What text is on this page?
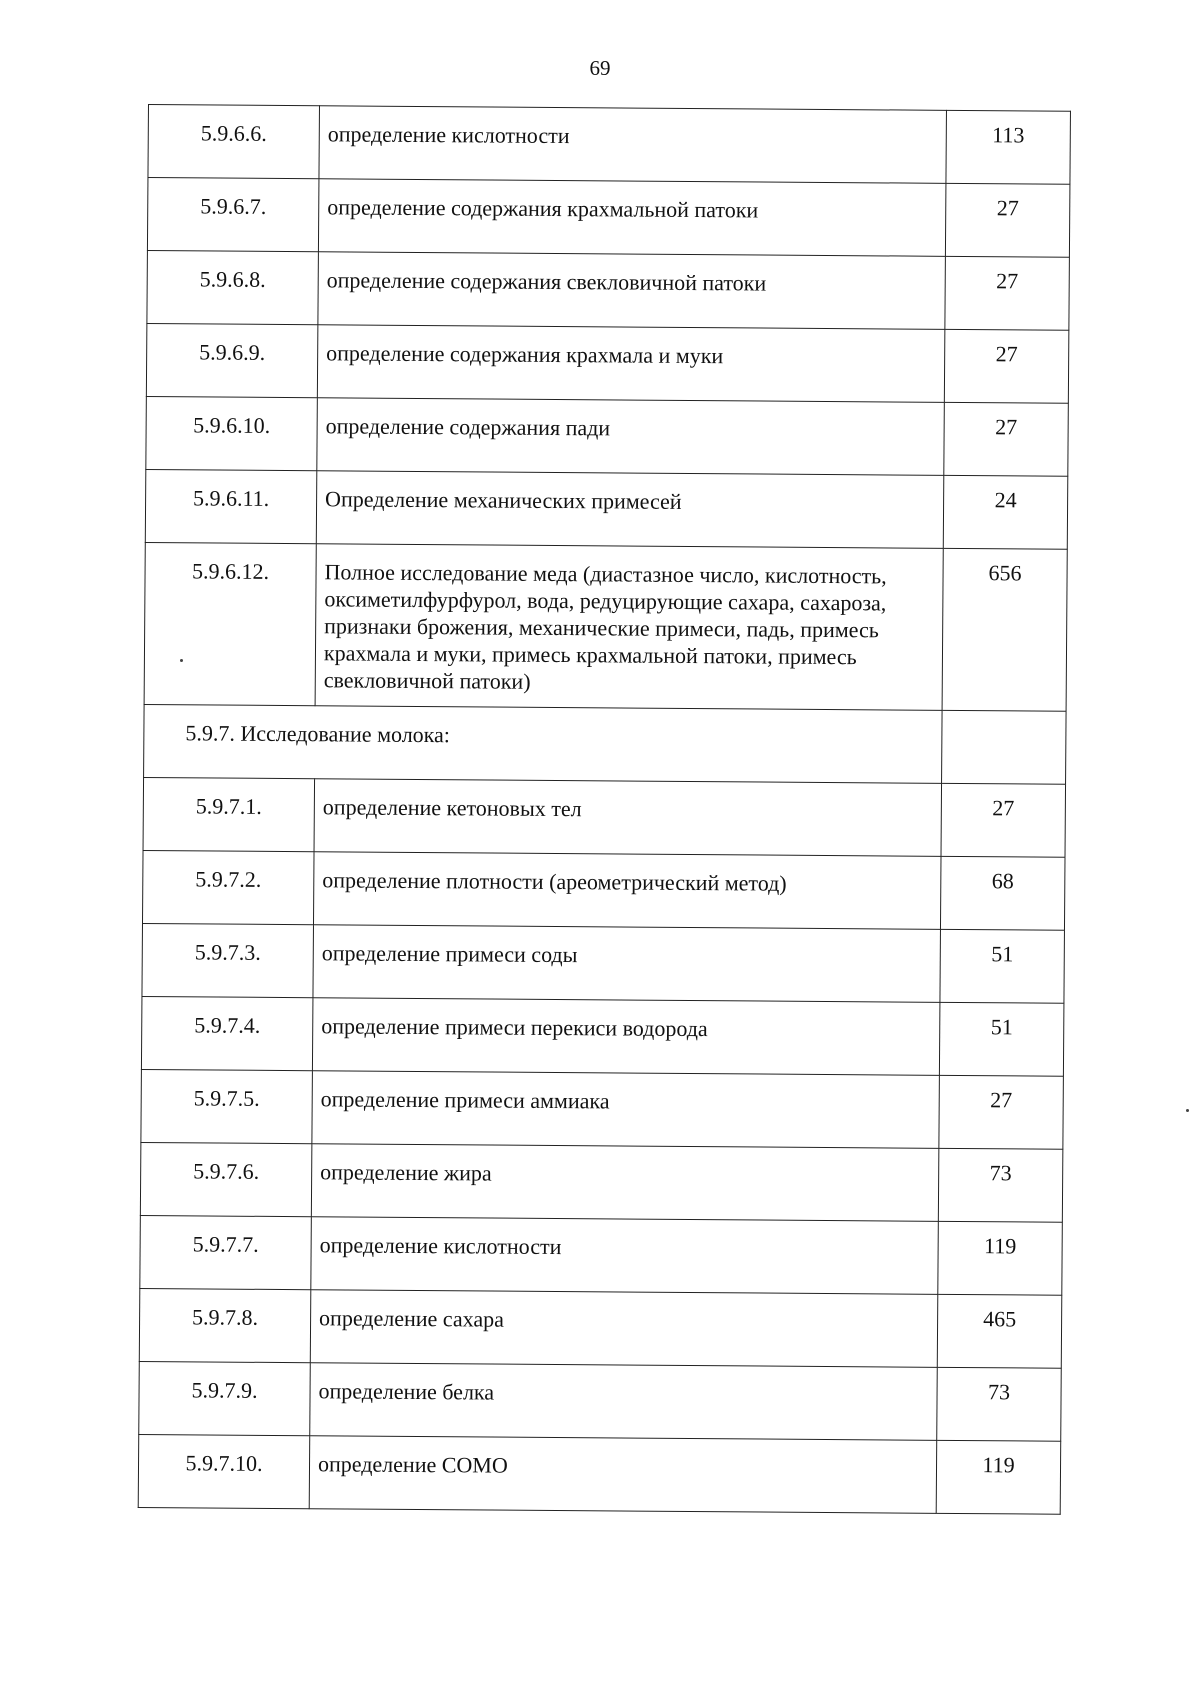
69
5.9.6.6.	определение кислотности	113
5.9.6.7.	определение содержания крахмальной патоки	27
5.9.6.8.	определение содержания свекловичной патоки	27
5.9.6.9.	определение содержания крахмала и муки	27
5.9.6.10.	определение содержания пади	27
5.9.6.11.	Определение механических примесей	24
5.9.6.12.	Полное исследование меда (диастазное число, кислотность, оксиметилфурфурол, вода, редуцирующие сахара, сахароза, признаки брожения, механические примеси, падь, примесь крахмала и муки, примесь крахмальной патоки, примесь свекловичной патоки)	656
5.9.7. Исследование молока:		
5.9.7.1.	определение кетоновых тел	27
5.9.7.2.	определение плотности (ареометрический метод)	68
5.9.7.3.	определение примеси соды	51
5.9.7.4.	определение примеси перекиси водорода	51
5.9.7.5.	определение примеси аммиака	27
5.9.7.6.	определение жира	73
5.9.7.7.	определение кислотности	119
5.9.7.8.	определение сахара	465
5.9.7.9.	определение белка	73
5.9.7.10.	определение СОМО	119
